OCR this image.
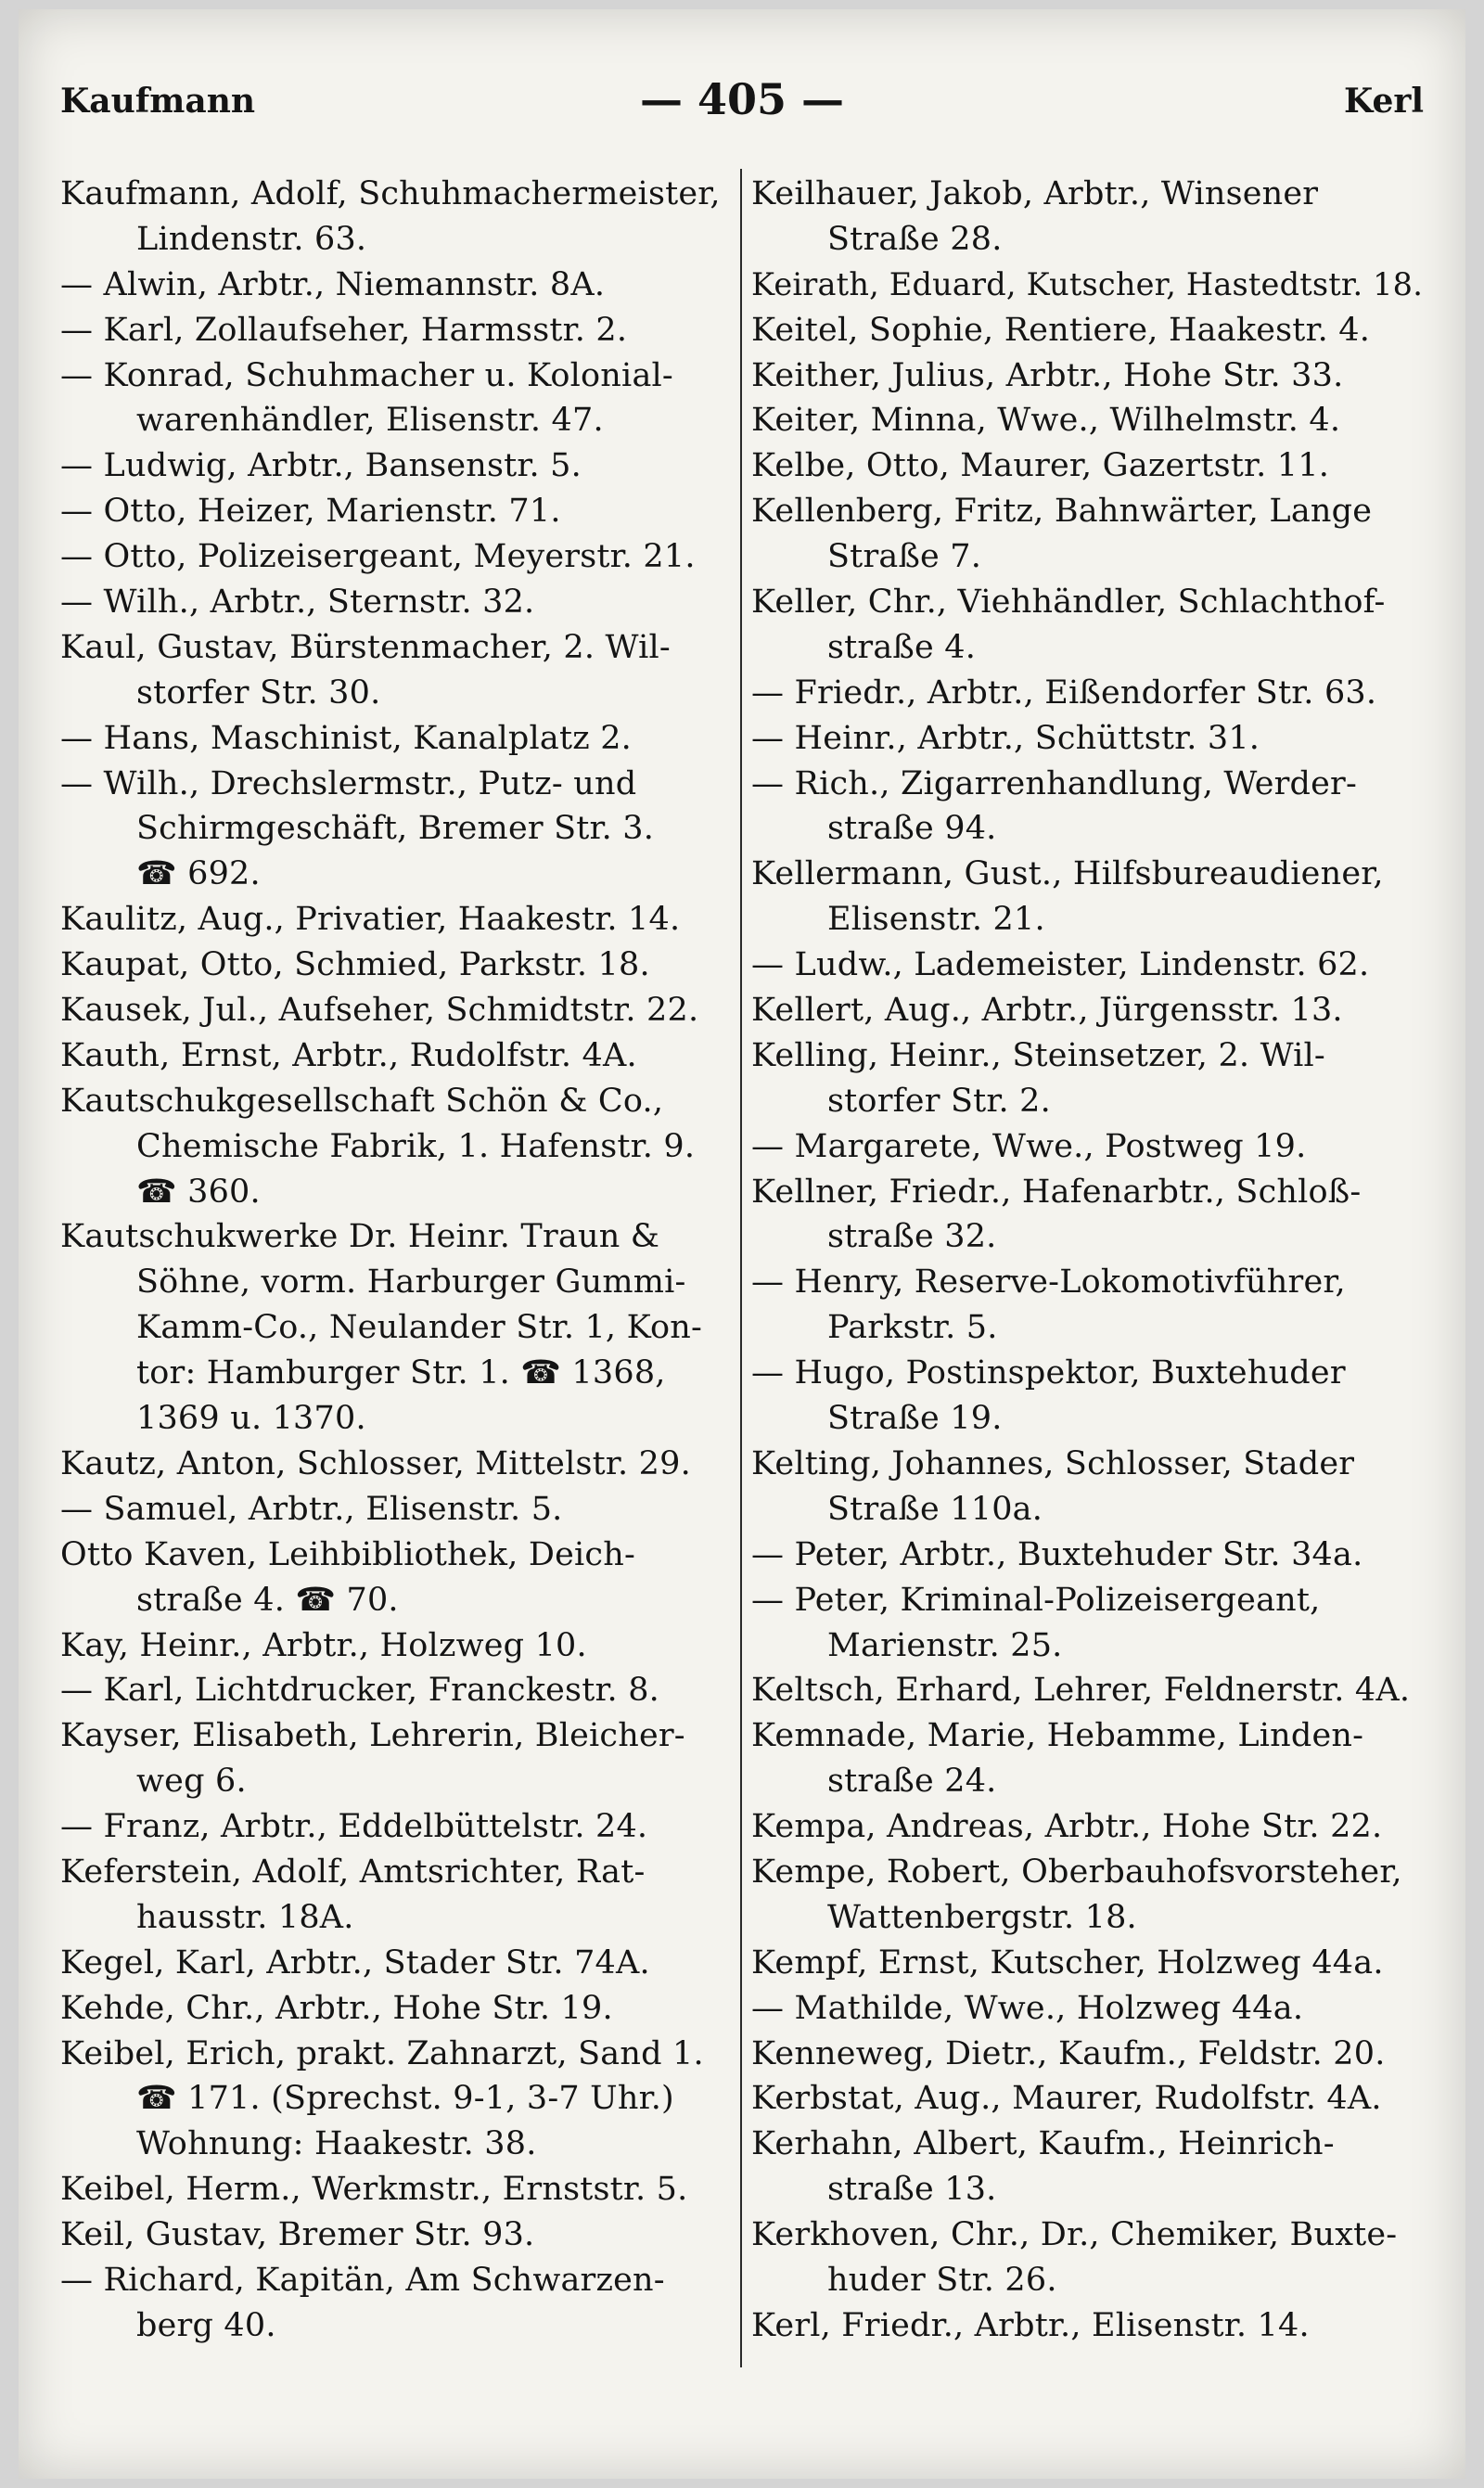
Kaufmann	— 405 —	Kerl
Kaufmann, Adolf, Schuhmachermeister,
Lindenstr. 63.
— Alwin, Arbtr., Niemannstr. 8A.
— Karl, Zollaufseher, Harmsstr. 2.
— Konrad, Schuhmacher u. Kolonial-
warenhändler, Elisenstr. 47.
— Ludwig, Arbtr., Bansenstr. 5.
— Otto, Heizer, Marienstr. 71.
— Otto, Polizeisergeant, Meyerstr. 21.
— Wilh., Arbtr., Sternstr. 32.
Kaul, Gustav, Bürstenmacher, 2. Wil-
storfer Str. 30.
— Hans, Maschinist, Kanalplatz 2.
— Wilh., Drechslermstr., Putz- und
Schirmgeschäft, Bremer Str. 3.
☎ 692.
Kaulitz, Aug., Privatier, Haakestr. 14.
Kaupat, Otto, Schmied, Parkstr. 18.
Kausek, Jul., Aufseher, Schmidtstr. 22.
Kauth, Ernst, Arbtr., Rudolfstr. 4A.
Kautschukgesellschaft Schön & Co.,
Chemische Fabrik, 1. Hafenstr. 9.
☎ 360.
Kautschukwerke Dr. Heinr. Traun &
Söhne, vorm. Harburger Gummi-
Kamm-Co., Neulander Str. 1, Kon-
tor: Hamburger Str. 1. ☎ 1368,
1369 u. 1370.
Kautz, Anton, Schlosser, Mittelstr. 29.
— Samuel, Arbtr., Elisenstr. 5.
Otto Kaven, Leihbibliothek, Deich-
straße 4. ☎ 70.
Kay, Heinr., Arbtr., Holzweg 10.
— Karl, Lichtdrucker, Franckestr. 8.
Kayser, Elisabeth, Lehrerin, Bleicher-
weg 6.
— Franz, Arbtr., Eddelbüttelstr. 24.
Keferstein, Adolf, Amtsrichter, Rat-
hausstr. 18A.
Kegel, Karl, Arbtr., Stader Str. 74A.
Kehde, Chr., Arbtr., Hohe Str. 19.
Keibel, Erich, prakt. Zahnarzt, Sand 1.
☎ 171. (Sprechst. 9-1, 3-7 Uhr.)
Wohnung: Haakestr. 38.
Keibel, Herm., Werkmstr., Ernststr. 5.
Keil, Gustav, Bremer Str. 93.
— Richard, Kapitän, Am Schwarzen-
berg 40.
Keilhauer, Jakob, Arbtr., Winsener
Straße 28.
Keirath, Eduard, Kutscher, Hastedtstr. 18.
Keitel, Sophie, Rentiere, Haakestr. 4.
Keither, Julius, Arbtr., Hohe Str. 33.
Keiter, Minna, Wwe., Wilhelmstr. 4.
Kelbe, Otto, Maurer, Gazertstr. 11.
Kellenberg, Fritz, Bahnwärter, Lange
Straße 7.
Keller, Chr., Viehhändler, Schlachthof-
straße 4.
— Friedr., Arbtr., Eißendorfer Str. 63.
— Heinr., Arbtr., Schüttstr. 31.
— Rich., Zigarrenhandlung, Werder-
straße 94.
Kellermann, Gust., Hilfsbureaudiener,
Elisenstr. 21.
— Ludw., Lademeister, Lindenstr. 62.
Kellert, Aug., Arbtr., Jürgensstr. 13.
Kelling, Heinr., Steinsetzer, 2. Wil-
storfer Str. 2.
— Margarete, Wwe., Postweg 19.
Kellner, Friedr., Hafenarbtr., Schloß-
straße 32.
— Henry, Reserve-Lokomotivführer,
Parkstr. 5.
— Hugo, Postinspektor, Buxtehuder
Straße 19.
Kelting, Johannes, Schlosser, Stader
Straße 110a.
— Peter, Arbtr., Buxtehuder Str. 34a.
— Peter, Kriminal-Polizeisergeant,
Marienstr. 25.
Keltsch, Erhard, Lehrer, Feldnerstr. 4A.
Kemnade, Marie, Hebamme, Linden-
straße 24.
Kempa, Andreas, Arbtr., Hohe Str. 22.
Kempe, Robert, Oberbauhofsvorsteher,
Wattenbergstr. 18.
Kempf, Ernst, Kutscher, Holzweg 44a.
— Mathilde, Wwe., Holzweg 44a.
Kenneweg, Dietr., Kaufm., Feldstr. 20.
Kerbstat, Aug., Maurer, Rudolfstr. 4A.
Kerhahn, Albert, Kaufm., Heinrich-
straße 13.
Kerkhoven, Chr., Dr., Chemiker, Buxte-
huder Str. 26.
Kerl, Friedr., Arbtr., Elisenstr. 14.
